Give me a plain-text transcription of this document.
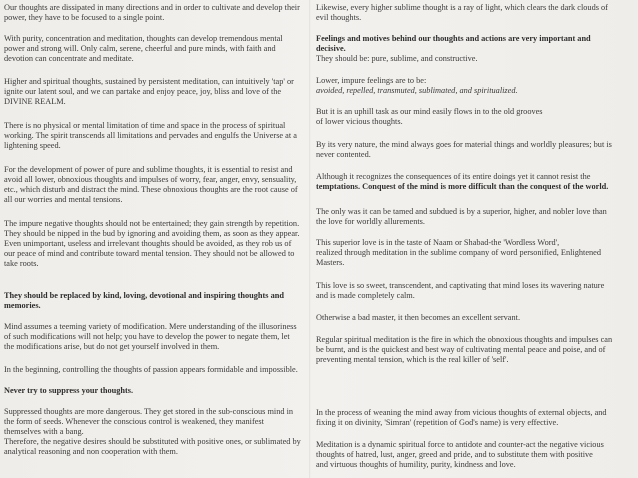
Our thoughts are dissipated in many directions and in order to cultivate and develop their
power, they have to be focused to a single point.

With purity, concentration and meditation, thoughts can develop tremendous mental
power and strong will. Only calm, serene, cheerful and pure minds, with faith and
devotion can concentrate and meditate.

Higher and spiritual thoughts, sustained by persistent meditation, can intuitively 'tap' or
ignite our latent soul, and we can partake and enjoy peace, joy, bliss and love of the
DIVINE REALM.

There is no physical or mental limitation of time and space in the process of spiritual
working. The spirit transcends all limitations and pervades and engulfs the Universe at a
lightening speed.

For the development of power of pure and sublime thoughts, it is essential to resist and
avoid all lower, obnoxious thoughts and impulses of worry, fear, anger, envy, sensuality,
etc., which disturb and distract the mind. These obnoxious thoughts are the root cause of
all our worries and mental tensions.

The impure negative thoughts should not be entertained; they gain strength by repetition.
They should be nipped in the bud by ignoring and avoiding them, as soon as they appear.
Even unimportant, useless and irrelevant thoughts should be avoided, as they rob us of
our peace of mind and contribute toward mental tension. They should not be allowed to
take roots.

They should be replaced by kind, loving, devotional and inspiring thoughts and
memories.

Mind assumes a teeming variety of modification. Mere understanding of the illusoriness
of such modifications will not help; you have to develop the power to negate them, let
the modifications arise, but do not get yourself involved in them.

In the beginning, controlling the thoughts of passion appears formidable and impossible.

Never try to suppress your thoughts.

Suppressed thoughts are more dangerous. They get stored in the sub-conscious mind in
the form of seeds. Whenever the conscious control is weakened, they manifest
themselves with a bang.
Therefore, the negative desires should be substituted with positive ones, or sublimated by
analytical reasoning and non cooperation with them.

Likewise, every higher sublime thought is a ray of light, which clears the dark clouds of
evil thoughts.

Feelings and motives behind our thoughts and actions are very important and
decisive.
They should be: pure, sublime, and constructive.

Lower, impure feelings are to be:
avoided, repelled, transmuted, sublimated, and spiritualized.

But it is an uphill task as our mind easily flows in to the old grooves
of lower vicious thoughts.

By its very nature, the mind always goes for material things and worldly pleasures; but is
never contented.

Although it recognizes the consequences of its entire doings yet it cannot resist the
temptations. Conquest of the mind is more difficult than the conquest of the world.

The only was it can be tamed and subdued is by a superior, higher, and nobler love than
the love for worldly allurements.

This superior love is in the taste of Naam or Shabad-the 'Wordless Word',
realized through meditation in the sublime company of word personified, Enlightened
Masters.

This love is so sweet, transcendent, and captivating that mind loses its wavering nature
and is made completely calm.

Otherwise a bad master, it then becomes an excellent servant.

Regular spiritual meditation is the fire in which the obnoxious thoughts and impulses can
be burnt, and is the quickest and best way of cultivating mental peace and poise, and of
preventing mental tension, which is the real killer of 'self'.

In the process of weaning the mind away from vicious thoughts of external objects, and
fixing it on divinity, 'Simran' (repetition of God's name) is very effective.

Meditation is a dynamic spiritual force to antidote and counter-act the negative vicious
thoughts of hatred, lust, anger, greed and pride, and to substitute them with positive
and virtuous thoughts of humility, purity, kindness and love.
